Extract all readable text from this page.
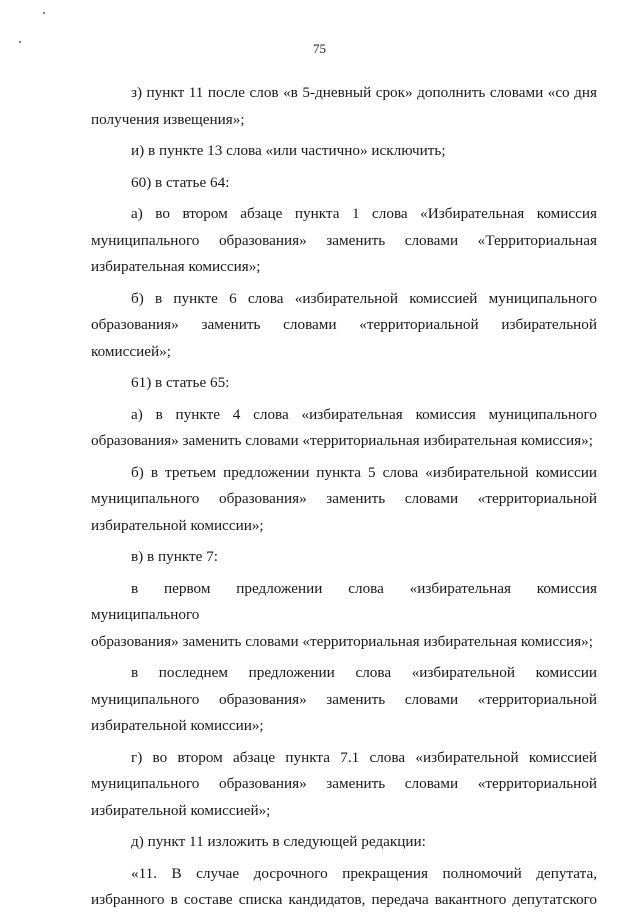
75
з) пункт 11 после слов «в 5-дневный срок» дополнить словами «со дня
получения извещения»;
и) в пункте 13 слова «или частично» исключить;
60) в статье 64:
а) во втором абзаце пункта 1 слова «Избирательная комиссия
муниципального образования» заменить словами «Территориальная
избирательная комиссия»;
б) в пункте 6 слова «избирательной комиссией муниципального
образования» заменить словами «территориальной избирательной
комиссией»;
61) в статье 65:
а) в пункте 4 слова «избирательная комиссия муниципального
образования» заменить словами «территориальная избирательная комиссия»;
б) в третьем предложении пункта 5 слова «избирательной комиссии
муниципального образования» заменить словами «территориальной
избирательной комиссии»;
в) в пункте 7:
в первом предложении слова «избирательная комиссия муниципального
образования» заменить словами «территориальная избирательная комиссия»;
в последнем предложении слова «избирательной комиссии
муниципального образования» заменить словами «территориальной
избирательной комиссии»;
г) во втором абзаце пункта 7.1 слова «избирательной комиссией
муниципального образования» заменить словами «территориальной
избирательной комиссией»;
д) пункт 11 изложить в следующей редакции:
«11. В случае досрочного прекращения полномочий депутата,
избранного в составе списка кандидатов, передача вакантного депутатского
